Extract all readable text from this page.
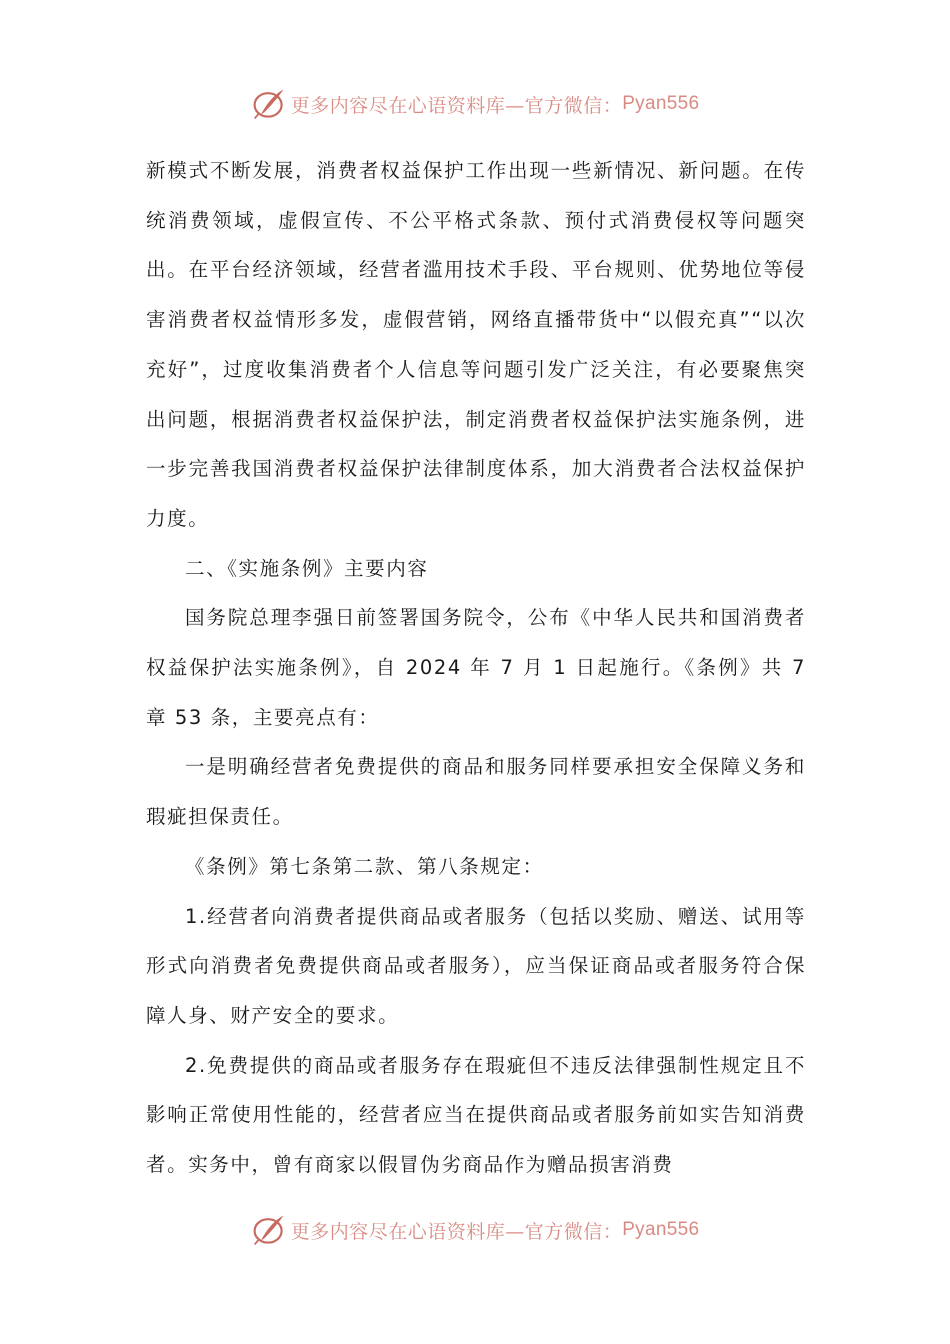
更多内容尽在心语资料库—官方微信： Pyan556

新模式不断发展，消费者权益保护工作出现一些新情况、新问题。在传统消费领域，虚假宣传、不公平格式条款、预付式消费侵权等问题突出。在平台经济领域，经营者滥用技术手段、平台规则、优势地位等侵害消费者权益情形多发，虚假营销，网络直播带货中“以假充真”“以次充好”，过度收集消费者个人信息等问题引发广泛关注，有必要聚焦突出问题，根据消费者权益保护法，制定消费者权益保护法实施条例，进一步完善我国消费者权益保护法律制度体系，加大消费者合法权益保护力度。

二、《实施条例》主要内容

国务院总理李强日前签署国务院令，公布《中华人民共和国消费者权益保护法实施条例》，自 2024 年 7 月 1 日起施行。《条例》共 7 章 53 条，主要亮点有：

一是明确经营者免费提供的商品和服务同样要承担安全保障义务和瑕疵担保责任。

《条例》第七条第二款、第八条规定：

1.经营者向消费者提供商品或者服务（包括以奖励、赠送、试用等形式向消费者免费提供商品或者服务），应当保证商品或者服务符合保障人身、财产安全的要求。

2.免费提供的商品或者服务存在瑕疵但不违反法律强制性规定且不影响正常使用性能的，经营者应当在提供商品或者服务前如实告知消费者。实务中，曾有商家以假冒伪劣商品作为赠品损害消费

更多内容尽在心语资料库—官方微信： Pyan556
